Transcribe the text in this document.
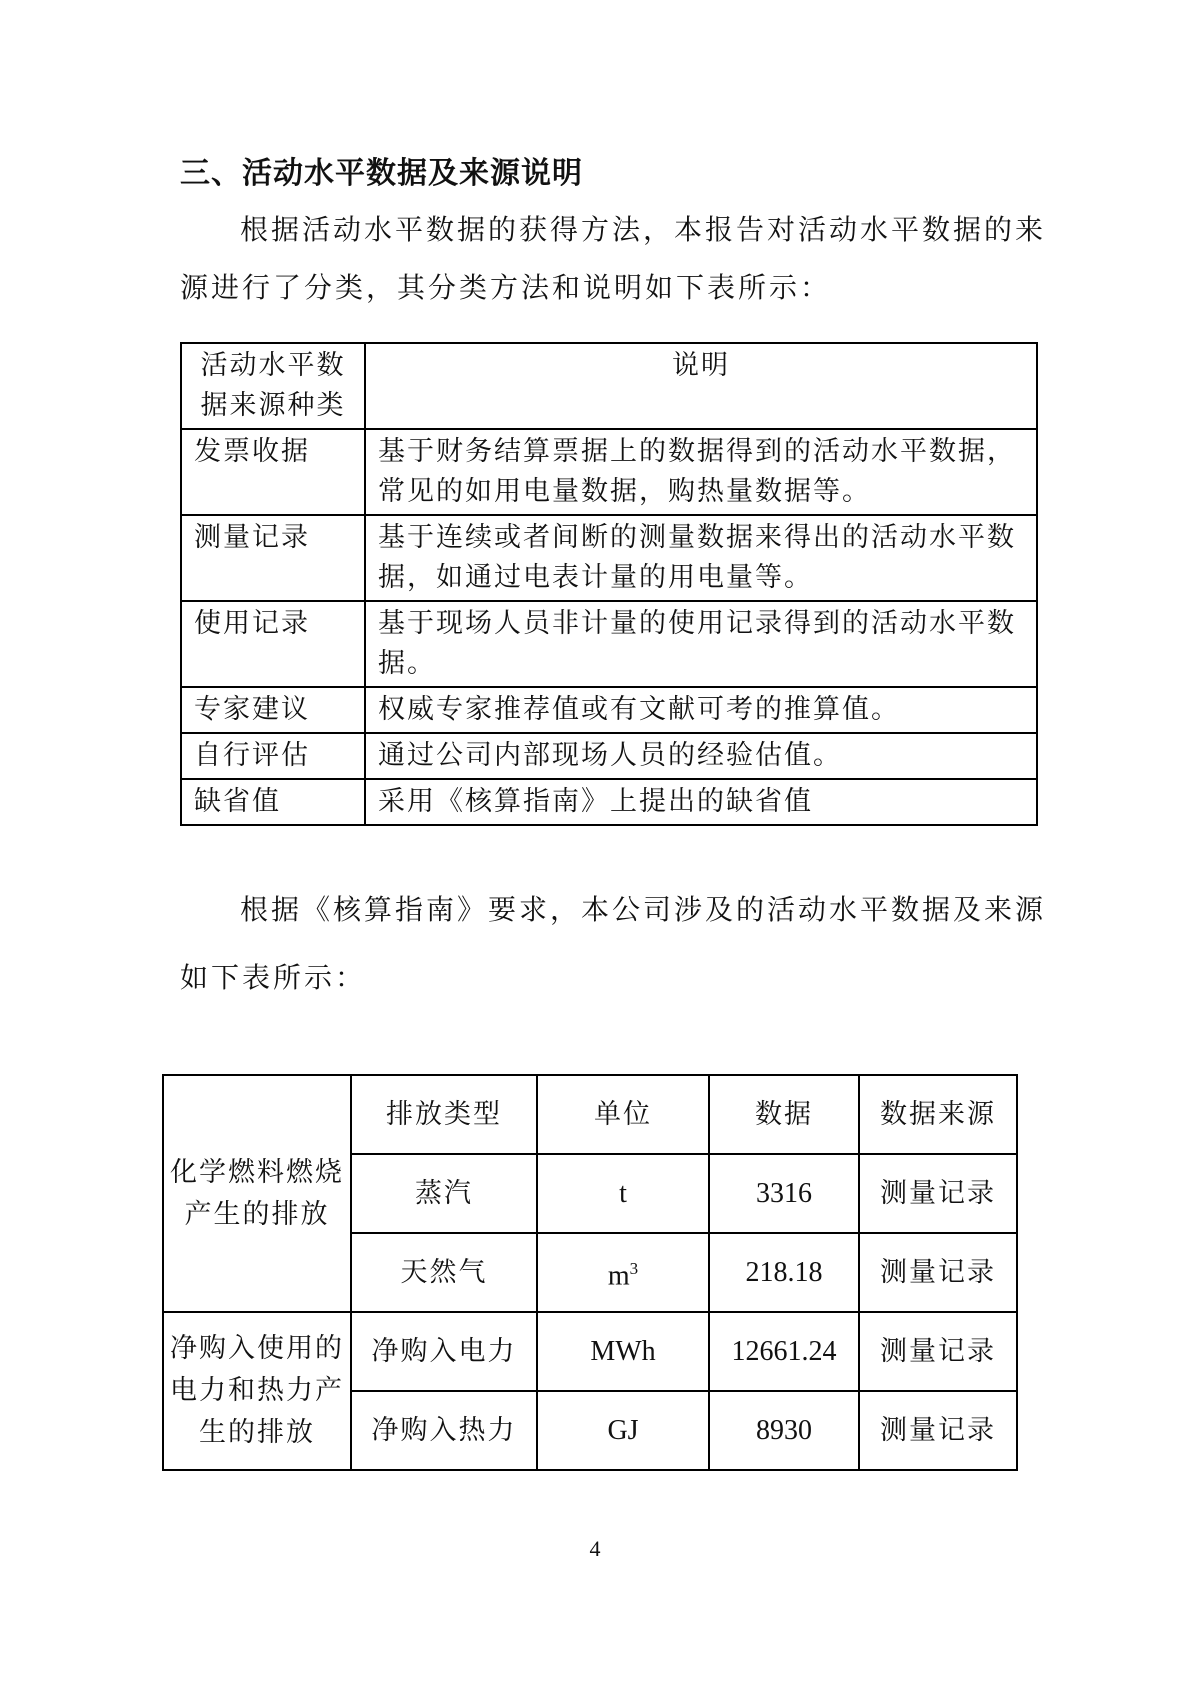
三、活动水平数据及来源说明

根据活动水平数据的获得方法，本报告对活动水平数据的来

源进行了分类，其分类方法和说明如下表所示：

活动水平数
据来源种类	说明
发票收据	基于财务结算票据上的数据得到的活动水平数据，常见的如用电量数据，购热量数据等。
测量记录	基于连续或者间断的测量数据来得出的活动水平数据，如通过电表计量的用电量等。
使用记录	基于现场人员非计量的使用记录得到的活动水平数据。
专家建议	权威专家推荐值或有文献可考的推算值。
自行评估	通过公司内部现场人员的经验估值。
缺省值	采用《核算指南》上提出的缺省值

根据《核算指南》要求，本公司涉及的活动水平数据及来源

如下表所示：

化学燃料燃烧
产生的排放	排放类型	单位	数据	数据来源
	蒸汽	t	3316	测量记录
	天然气	$m^3$	218.18	测量记录
净购入使用的
电力和热力产
生的排放	净购入电力	MWh	12661.24	测量记录
	净购入热力	GJ	8930	测量记录
4
